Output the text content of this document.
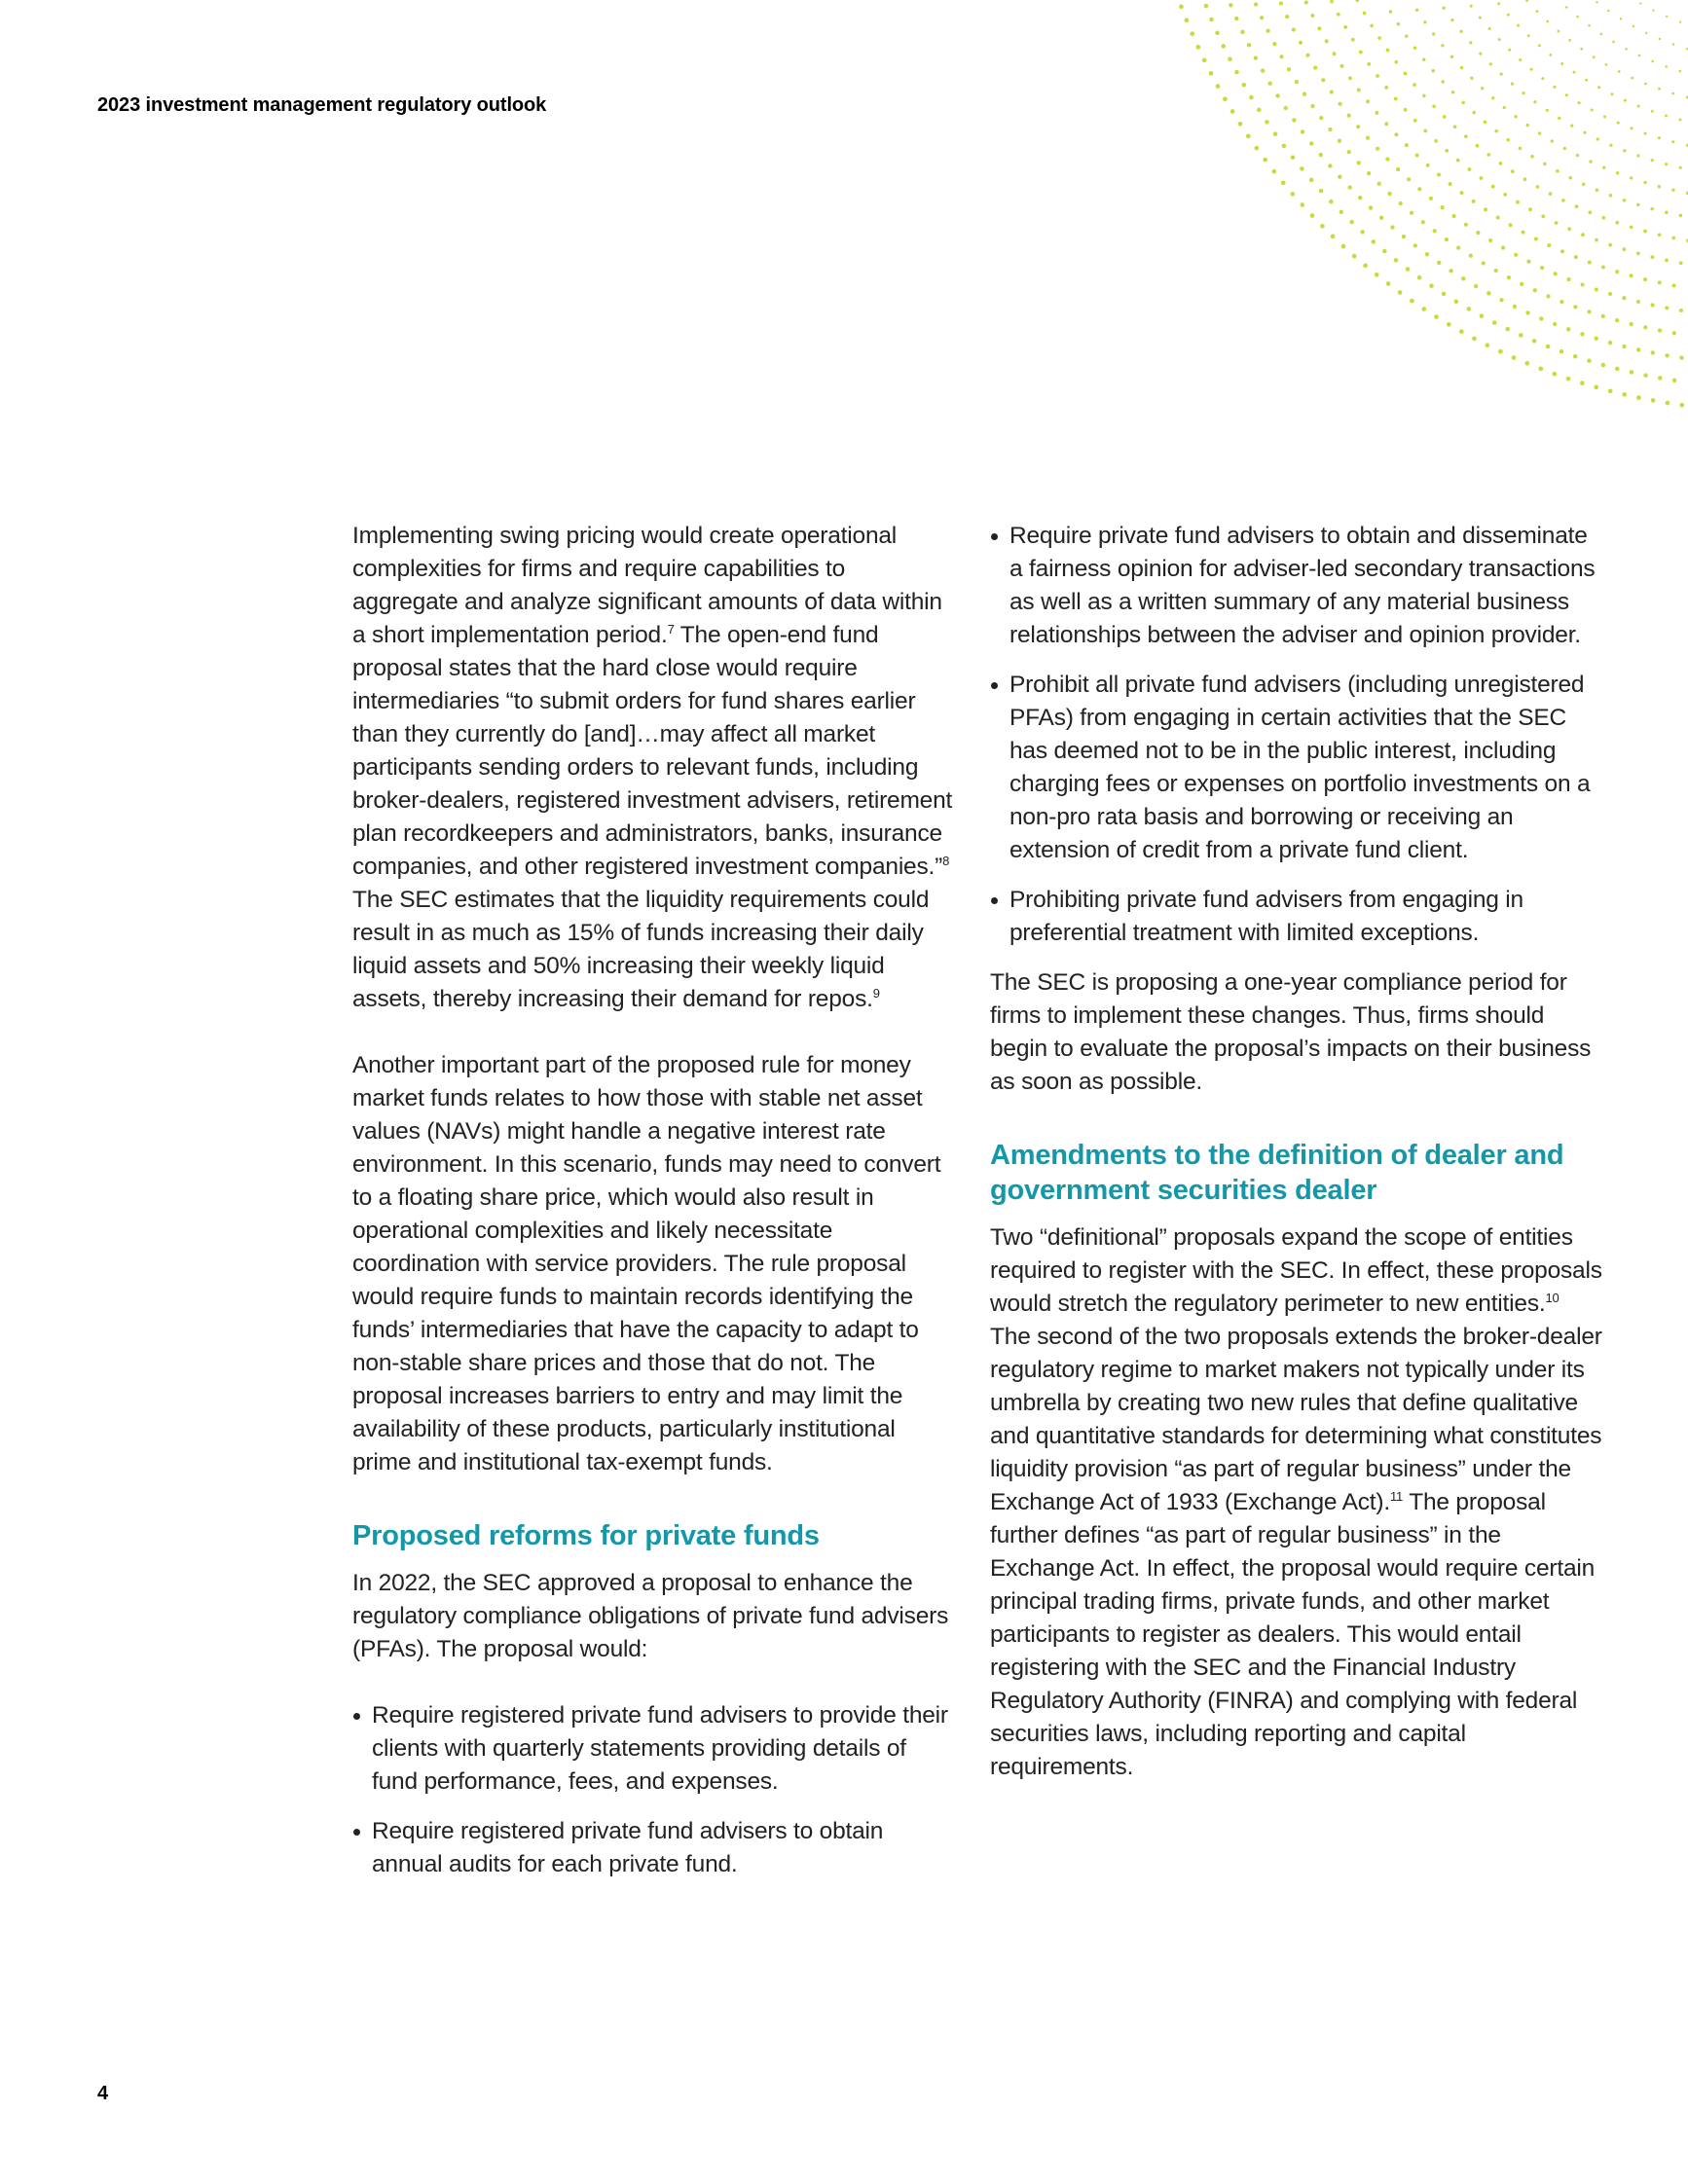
2023 investment management regulatory outlook

Implementing swing pricing would create operational complexities for firms and require capabilities to aggregate and analyze significant amounts of data within a short implementation period.$^7$ The open-end fund proposal states that the hard close would require intermediaries “to submit orders for fund shares earlier than they currently do [and]…may affect all market participants sending orders to relevant funds, including broker-dealers, registered investment advisers, retirement plan recordkeepers and administrators, banks, insurance companies, and other registered investment companies.”$^8$ The SEC estimates that the liquidity requirements could result in as much as 15% of funds increasing their daily liquid assets and 50% increasing their weekly liquid assets, thereby increasing their demand for repos.$^9$

Another important part of the proposed rule for money market funds relates to how those with stable net asset values (NAVs) might handle a negative interest rate environment. In this scenario, funds may need to convert to a floating share price, which would also result in operational complexities and likely necessitate coordination with service providers. The rule proposal would require funds to maintain records identifying the funds’ intermediaries that have the capacity to adapt to non-stable share prices and those that do not. The proposal increases barriers to entry and may limit the availability of these products, particularly institutional prime and institutional tax-exempt funds.

Proposed reforms for private funds

In 2022, the SEC approved a proposal to enhance the regulatory compliance obligations of private fund advisers (PFAs). The proposal would:

Require registered private fund advisers to provide their clients with quarterly statements providing details of fund performance, fees, and expenses.
Require registered private fund advisers to obtain annual audits for each private fund.
Require private fund advisers to obtain and disseminate a fairness opinion for adviser-led secondary transactions as well as a written summary of any material business relationships between the adviser and opinion provider.
Prohibit all private fund advisers (including unregistered PFAs) from engaging in certain activities that the SEC has deemed not to be in the public interest, including charging fees or expenses on portfolio investments on a non-pro rata basis and borrowing or receiving an extension of credit from a private fund client.
Prohibiting private fund advisers from engaging in preferential treatment with limited exceptions.

The SEC is proposing a one-year compliance period for firms to implement these changes. Thus, firms should begin to evaluate the proposal’s impacts on their business as soon as possible.

Amendments to the definition of dealer and government securities dealer

Two “definitional” proposals expand the scope of entities required to register with the SEC. In effect, these proposals would stretch the regulatory perimeter to new entities.$^{10}$ The second of the two proposals extends the broker-dealer regulatory regime to market makers not typically under its umbrella by creating two new rules that define qualitative and quantitative standards for determining what constitutes liquidity provision “as part of regular business” under the Exchange Act of 1933 (Exchange Act).$^{11}$ The proposal further defines “as part of regular business” in the Exchange Act. In effect, the proposal would require certain principal trading firms, private funds, and other market participants to register as dealers. This would entail registering with the SEC and the Financial Industry Regulatory Authority (FINRA) and complying with federal securities laws, including reporting and capital requirements.

4
